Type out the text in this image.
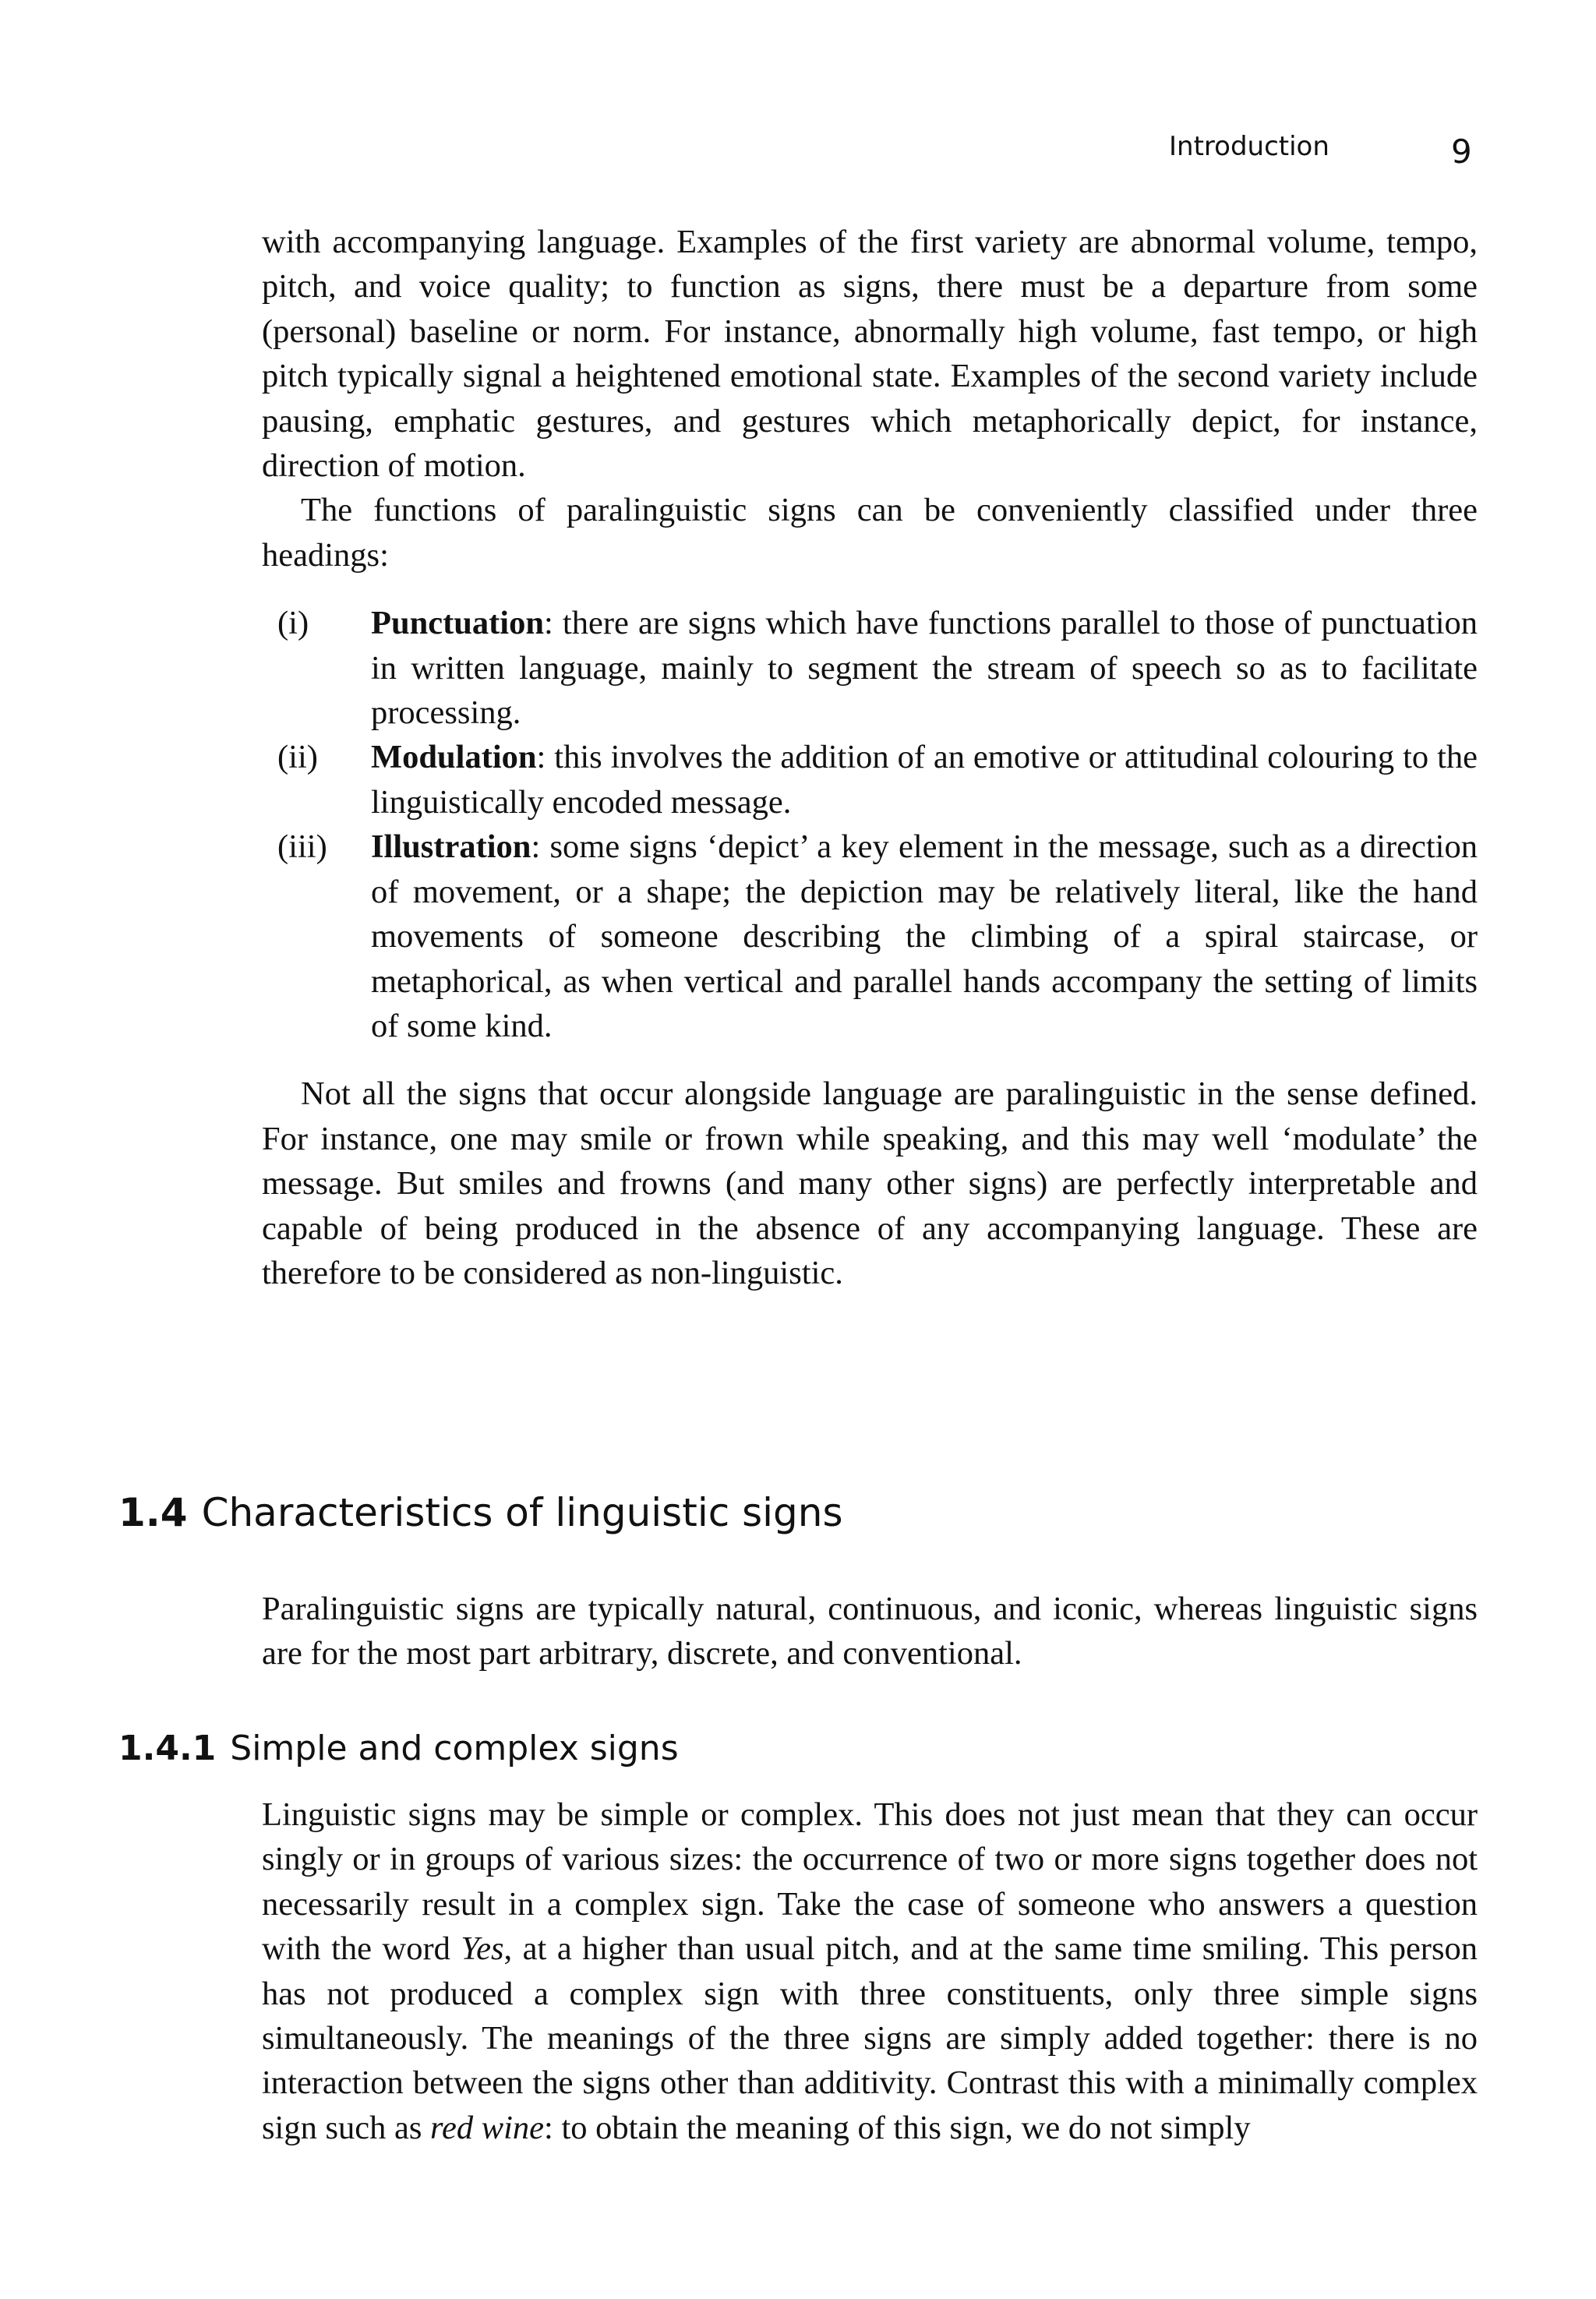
Introduction	9

with accompanying language. Examples of the first variety are abnormal volume, tempo, pitch, and voice quality; to function as signs, there must be a departure from some (personal) baseline or norm. For instance, abnormally high volume, fast tempo, or high pitch typically signal a heightened emotional state. Examples of the second variety include pausing, emphatic gestures, and gestures which metaphorically depict, for instance, direction of motion.

The functions of paralinguistic signs can be conveniently classified under three headings:

(i) Punctuation: there are signs which have functions parallel to those of punctuation in written language, mainly to segment the stream of speech so as to facilitate processing.
(ii) Modulation: this involves the addition of an emotive or attitudinal colouring to the linguistically encoded message.
(iii) Illustration: some signs ‘depict’ a key element in the message, such as a direction of movement, or a shape; the depiction may be relatively literal, like the hand movements of someone describing the climbing of a spiral staircase, or metaphorical, as when vertical and parallel hands accompany the setting of limits of some kind.

Not all the signs that occur alongside language are paralinguistic in the sense defined. For instance, one may smile or frown while speaking, and this may well ‘modulate’ the message. But smiles and frowns (and many other signs) are perfectly interpretable and capable of being produced in the absence of any accompanying language. These are therefore to be considered as non-linguistic.

1.4 Characteristics of linguistic signs

Paralinguistic signs are typically natural, continuous, and iconic, whereas linguistic signs are for the most part arbitrary, discrete, and conventional.

1.4.1 Simple and complex signs

Linguistic signs may be simple or complex. This does not just mean that they can occur singly or in groups of various sizes: the occurrence of two or more signs together does not necessarily result in a complex sign. Take the case of someone who answers a question with the word Yes, at a higher than usual pitch, and at the same time smiling. This person has not produced a complex sign with three constituents, only three simple signs simultaneously. The meanings of the three signs are simply added together: there is no interaction between the signs other than additivity. Contrast this with a minimally complex sign such as red wine: to obtain the meaning of this sign, we do not simply
